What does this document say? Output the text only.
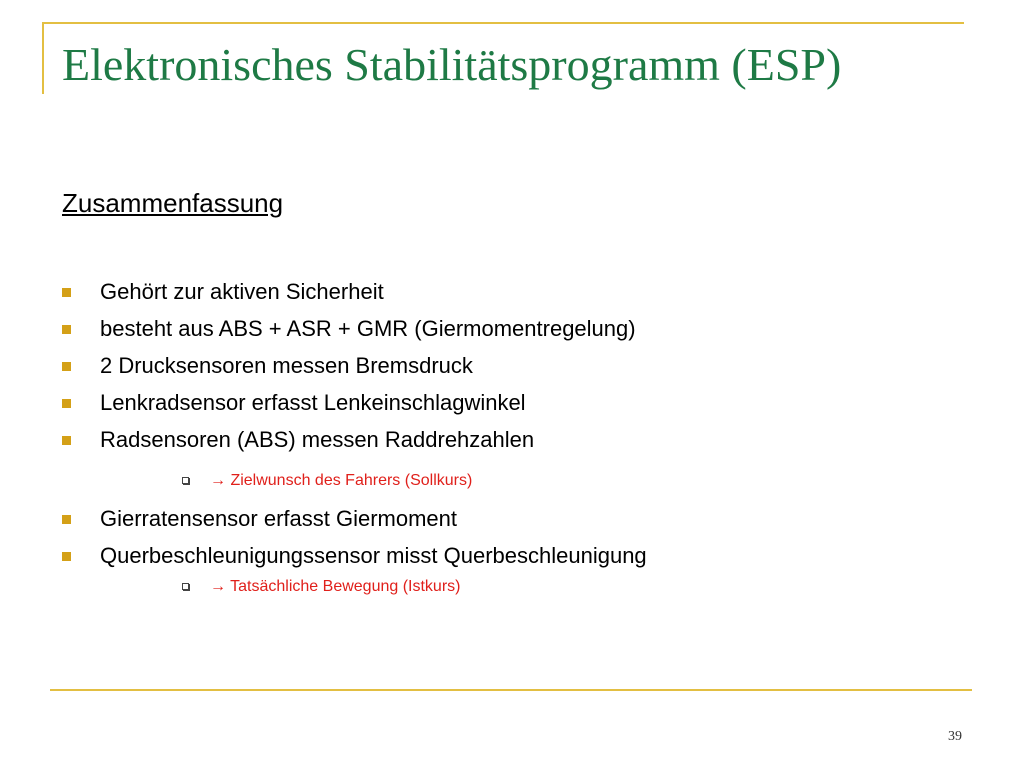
Elektronisches Stabilitätsprogramm (ESP)
Zusammenfassung
Gehört zur aktiven Sicherheit
besteht aus ABS + ASR + GMR (Giermomentregelung)
2 Drucksensoren messen Bremsdruck
Lenkradsensor erfasst Lenkeinschlagwinkel
Radsensoren (ABS) messen Raddrehzahlen
→ Zielwunsch des Fahrers (Sollkurs)
Gierratensensor erfasst Giermoment
Querbeschleunigungssensor misst Querbeschleunigung
→ Tatsächliche Bewegung (Istkurs)
39
